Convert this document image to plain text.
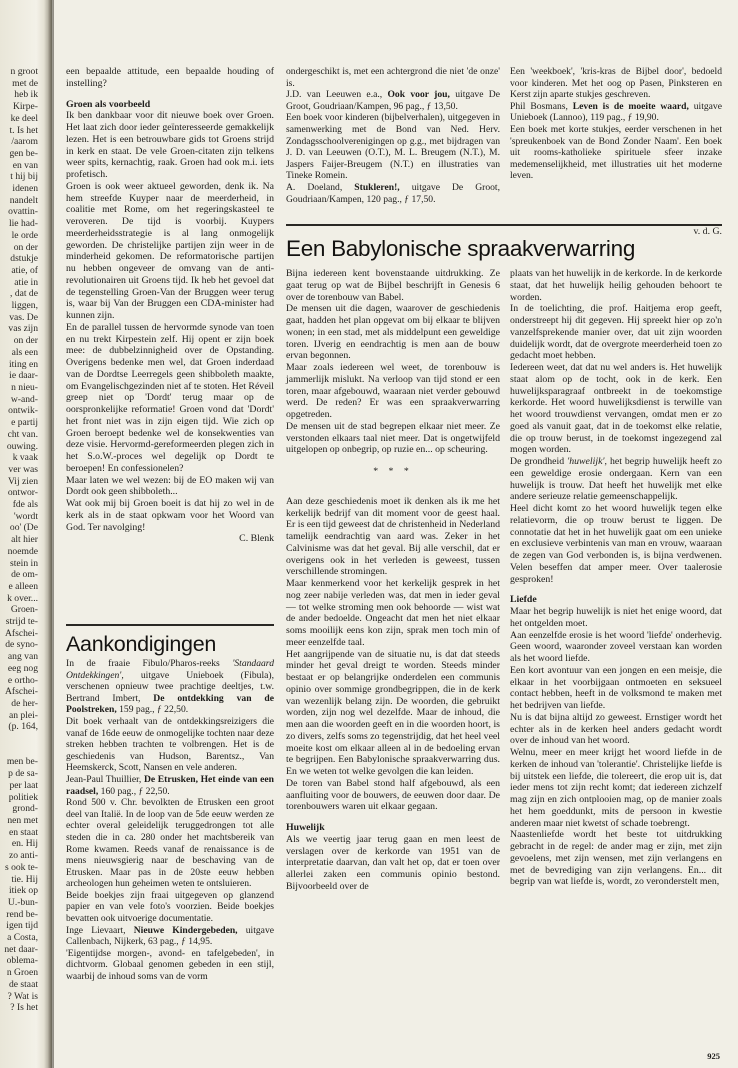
n groot
met de
heb ik
Kirpe-
ke deel
t. Is het
/aarom
gen be-
en van
t hij bij
idenen
nandelt
ovattin-
lie had-
le orde
on der
dstukje
atie, of
atie in
, dat de
liggen,
vas. De
vas zijn
on der
als een
iting en
ie daar-
n nieu-
w-and-
ontwik-
e partij
cht van.
ouwing.
k vaak
ver was
Vij zien
ontwor-
fde als
'wordt
oo' (De
alt hier
noemde
stein in
de om-
e alleen
k over...
Groen-
strijd te-
Afschei-
de syno-
ang van
eeg nog
e ortho-
Afschei-
de her-
an plei-
(p. 164,

men be-
p de sa-
per laat
politiek
grond-
nen met
en staat
en. Hij
zo anti-
s ook te-
tie. Hij
itiek op
U.-bun-
rend be-
igen tijd
a Costa,
net daar-
oblema-
n Groen
de staat
? Wat is
? Is het

een bepaalde attitude, een bepaalde houding of instelling?

Groen als voorbeeld

Ik ben dankbaar voor dit nieuwe boek over Groen. Het laat zich door ieder geïnteresseerde gemakkelijk lezen. Het is een betrouwbare gids tot Groens strijd in kerk en staat. De vele Groen-citaten zijn telkens weer spits, kernachtig, raak. Groen had ook m.i. iets profetisch.

Groen is ook weer aktueel geworden, denk ik. Na hem streefde Kuyper naar de meerderheid, in coalitie met Rome, om het regeringskasteel te veroveren. De tijd is voorbij. Kuypers meerderheidsstrategie is al lang onmogelijk geworden. De christelijke partijen zijn weer in de minderheid gekomen. De reformatorische partijen nu hebben ongeveer de omvang van de anti-revolutionairen uit Groens tijd. Ik heb het gevoel dat de tegenstelling Groen-Van der Bruggen weer terug is, waar bij Van der Bruggen een CDA-minister had kunnen zijn.

En de parallel tussen de hervormde synode van toen en nu trekt Kirpestein zelf. Hij opent er zijn boek mee: de dubbelzinnigheid over de Opstanding. Overigens bedenke men wel, dat Groen inderdaad van de Dordtse Leerregels geen shibboleth maakte, om Evangelischgezinden niet af te stoten. Het Réveil greep niet op 'Dordt' terug maar op de oorspronkelijke reformatie! Groen vond dat 'Dordt' het front niet was in zijn eigen tijd. Wie zich op Groen beroept bedenke wel de konsekwenties van deze visie. Hervormd-gereformeerden plegen zich in het S.o.W.-proces wel degelijk op Dordt te beroepen! En confessionelen?

Maar laten we wel wezen: bij de EO maken wij van Dordt ook geen shibboleth...

Wat ook mij bij Groen boeit is dat hij zo wel in de kerk als in de staat opkwam voor het Woord van God. Ter navolging!

C. Blenk

Aankondigingen

In de fraaie Fibulo/Pharos-reeks 'Standaard Ontdekkingen', uitgave Unieboek (Fibula), verschenen opnieuw twee prachtige deeltjes, t.w. Bertrand Imbert, De ontdekking van de Poolstreken, 159 pag., ƒ 22,50.

Dit boek verhaalt van de ontdekkingsreizigers die vanaf de 16de eeuw de onmogelijke tochten naar deze streken hebben trachten te volbrengen. Het is de geschiedenis van Hudson, Barentsz., Van Heemskerck, Scott, Nansen en vele anderen.

Jean-Paul Thuillier, De Etrusken, Het einde van een raadsel, 160 pag., ƒ 22,50.

Rond 500 v. Chr. bevolkten de Etrusken een groot deel van Italië. In de loop van de 5de eeuw werden ze echter overal geleidelijk teruggedrongen tot alle steden die in ca. 280 onder het machtsbereik van Rome kwamen. Reeds vanaf de renaissance is de mens nieuwsgierig naar de beschaving van de Etrusken. Maar pas in de 20ste eeuw hebben archeologen hun geheimen weten te ontsluieren.

Beide boekjes zijn fraai uitgegeven op glanzend papier en van vele foto's voorzien. Beide boekjes bevatten ook uitvoerige documentatie.

Inge Lievaart, Nieuwe Kindergebeden, uitgave Callenbach, Nijkerk, 63 pag., ƒ 14,95.

'Eigentijdse morgen-, avond- en tafelgebeden', in dichtvorm. Globaal genomen gebeden in een stijl, waarbij de inhoud soms van de vorm

ondergeschikt is, met een achtergrond die niet 'de onze' is.

J.D. van Leeuwen e.a., Ook voor jou, uitgave De Groot, Goudriaan/Kampen, 96 pag., ƒ 13,50.

Een boek voor kinderen (bijbelverhalen), uitgegeven in samenwerking met de Bond van Ned. Herv. Zondagsschoolverenigingen op g.g., met bijdragen van J. D. van Leeuwen (O.T.), M. L. Breugem (N.T.), M. Jaspers Faijer-Breugem (N.T.) en illustraties van Tineke Romein.

A. Doeland, Stukleren!, uitgave De Groot, Goudriaan/Kampen, 120 pag., ƒ 17,50.

Een 'weekboek', 'kris-kras de Bijbel door', bedoeld voor kinderen. Met het oog op Pasen, Pinksteren en Kerst zijn aparte stukjes geschreven.

Phil Bosmans, Leven is de moeite waard, uitgave Unieboek (Lannoo), 119 pag., ƒ 19,90.

Een boek met korte stukjes, eerder verschenen in het 'spreukenboek van de Bond Zonder Naam'. Een boek uit rooms-katholieke spirituele sfeer inzake medemenselijkheid, met illustraties uit het moderne leven.

v. d. G.
Een Babylonische spraakverwarring

Bijna iedereen kent bovenstaande uitdrukking. Ze gaat terug op wat de Bijbel beschrijft in Genesis 6 over de torenbouw van Babel.

De mensen uit die dagen, waarover de geschiedenis gaat, hadden het plan opgevat om bij elkaar te blijven wonen; in een stad, met als middelpunt een geweldige toren. IJverig en eendrachtig is men aan de bouw ervan begonnen.

Maar zoals iedereen wel weet, de torenbouw is jammerlijk mislukt. Na verloop van tijd stond er een toren, maar afgebouwd, waaraan niet verder gebouwd werd. De reden? Er was een spraakverwarring opgetreden.

De mensen uit de stad begrepen elkaar niet meer. Ze verstonden elkaars taal niet meer. Dat is ongetwijfeld uitgelopen op onbegrip, op ruzie en... op scheuring.

* * *

Aan deze geschiedenis moet ik denken als ik me het kerkelijk bedrijf van dit moment voor de geest haal. Er is een tijd geweest dat de christenheid in Nederland tamelijk eendrachtig van aard was. Zeker in het Calvinisme was dat het geval. Bij alle verschil, dat er overigens ook in het verleden is geweest, tussen verschillende stromingen.

Maar kenmerkend voor het kerkelijk gesprek in het nog zeer nabije verleden was, dat men in ieder geval — tot welke stroming men ook behoorde — wist wat de ander bedoelde. Ongeacht dat men het niet elkaar soms mooilijk eens kon zijn, sprak men toch min of meer eenzelfde taal.

Het aangrijpende van de situatie nu, is dat dat steeds minder het geval dreigt te worden. Steeds minder bestaat er op belangrijke onderdelen een communis opinio over sommige grondbegrippen, die in de kerk van wezenlijk belang zijn. De woorden, die gebruikt worden, zijn nog wel dezelfde. Maar de inhoud, die men aan die woorden geeft en in die woorden hoort, is zo divers, zelfs soms zo tegenstrijdig, dat het heel veel moeite kost om elkaar alleen al in de bedoeling ervan te begrijpen. Een Babylonische spraakverwarring dus. En we weten tot welke gevolgen die kan leiden.

De toren van Babel stond half afgebouwd, als een aanfluiting voor de bouwers, de eeuwen door daar. De torenbouwers waren uit elkaar gegaan.

Huwelijk

Als we veertig jaar terug gaan en men leest de verslagen over de kerkorde van 1951 van de interpretatie daarvan, dan valt het op, dat er toen over allerlei zaken een communis opinio bestond. Bijvoorbeeld over de

plaats van het huwelijk in de kerkorde. In de kerkorde staat, dat het huwelijk heilig gehouden behoort te worden.

In de toelichting, die prof. Haitjema erop geeft, onderstreept hij dit gegeven. Hij spreekt hier op zo'n vanzelfsprekende manier over, dat uit zijn woorden duidelijk wordt, dat de overgrote meerderheid toen zo gedacht moet hebben.

Iedereen weet, dat dat nu wel anders is. Het huwelijk staat alom op de tocht, ook in de kerk. Een huwelijksparagraaf ontbreekt in de toekomstige kerkorde. Het woord huwelijksdienst is terwille van het woord trouwdienst vervangen, omdat men er zo goed als vanuit gaat, dat in de toekomst elke relatie, die op trouw berust, in de toekomst ingezegend zal mogen worden.

De grondheid 'huwelijk', het begrip huwelijk heeft zo een geweldige erosie ondergaan. Kern van een huwelijk is trouw. Dat heeft het huwelijk met elke andere serieuze relatie gemeenschappelijk.

Heel dicht komt zo het woord huwelijk tegen elke relatievorm, die op trouw berust te liggen. De connotatie dat het in het huwelijk gaat om een unieke en exclusieve verbintenis van man en vrouw, waaraan de zegen van God verbonden is, is bijna verdwenen. Velen beseffen dat amper meer. Over taalerosie gesproken!

Liefde

Maar het begrip huwelijk is niet het enige woord, dat het ontgelden moet.

Aan eenzelfde erosie is het woord 'liefde' onderhevig. Geen woord, waaronder zoveel verstaan kan worden als het woord liefde.

Een kort avontuur van een jongen en een meisje, die elkaar in het voorbijgaan ontmoeten en seksueel contact hebben, heeft in de volksmond te maken met het bedrijven van liefde.

Nu is dat bijna altijd zo geweest. Ernstiger wordt het echter als in de kerken heel anders gedacht wordt over de inhoud van het woord.

Welnu, meer en meer krijgt het woord liefde in de kerken de inhoud van 'tolerantie'. Christelijke liefde is bij uitstek een liefde, die tolereert, die erop uit is, dat ieder mens tot zijn recht komt; dat iedereen zichzelf mag zijn en zich ontplooien mag, op de manier zoals het hem goeddunkt, mits de persoon in kwestie anderen maar niet kwetst of schade toebrengt.

Naastenliefde wordt het beste tot uitdrukking gebracht in de regel: de ander mag er zijn, met zijn gevoelens, met zijn wensen, met zijn verlangens en met de bevrediging van zijn verlangens. En... dit begrip van wat liefde is, wordt, zo veronderstelt men,

925
